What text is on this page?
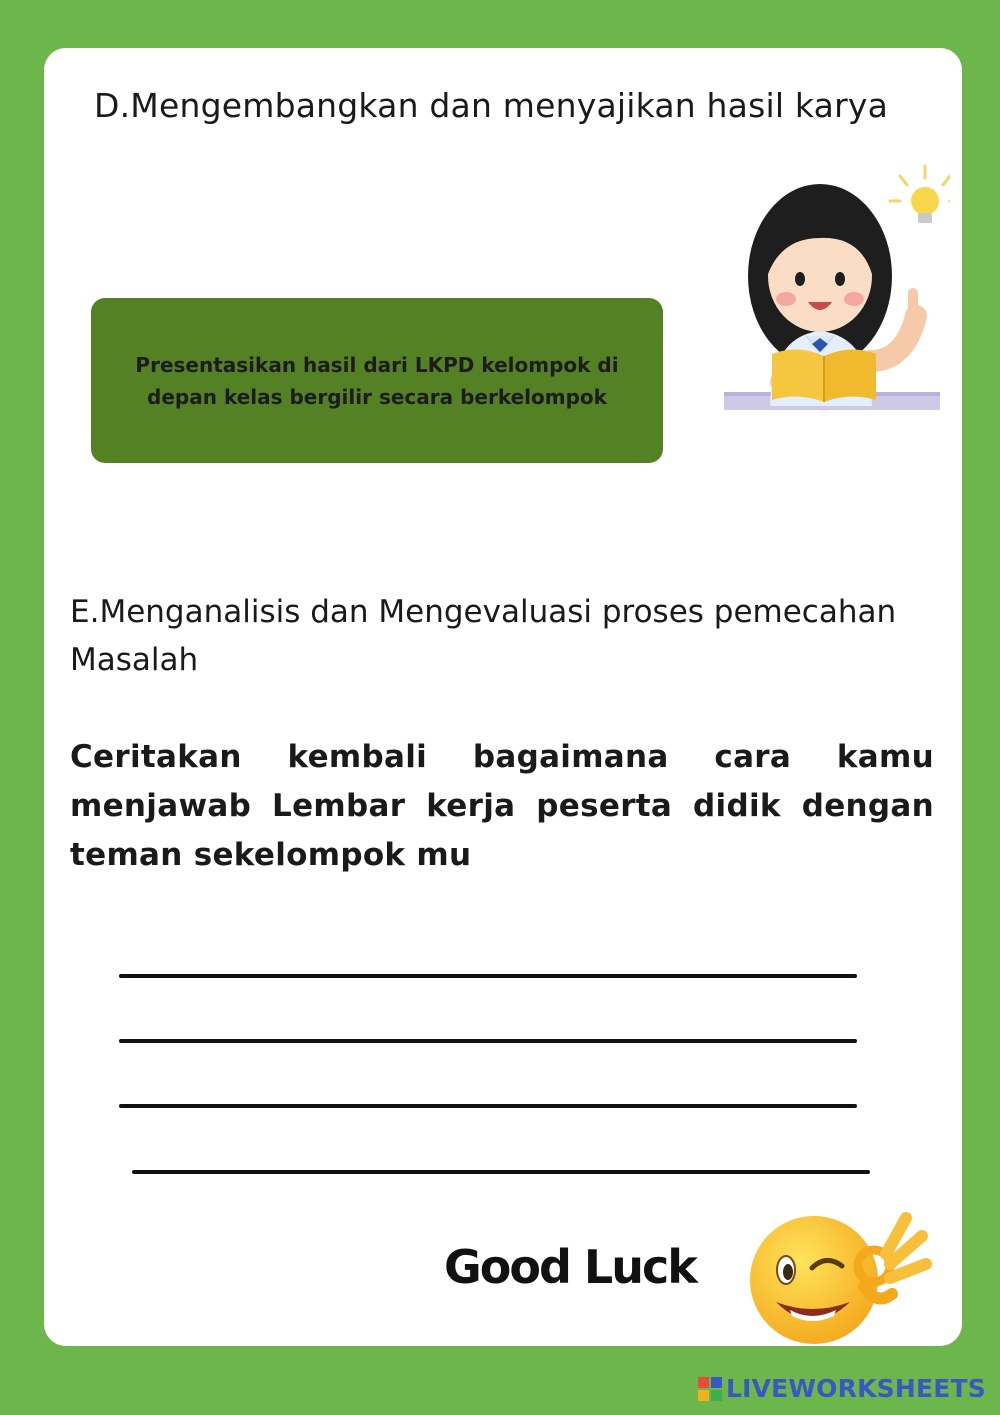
D.Mengembangkan dan menyajikan hasil karya

Presentasikan hasil dari LKPD kelompok di depan kelas bergilir secara berkelompok

E.Menganalisis dan Mengevaluasi proses pemecahan Masalah

Ceritakan kembali bagaimana cara kamu menjawab Lembar kerja peserta didik dengan teman sekelompok mu

Good Luck

LIVEWORKSHEETS
